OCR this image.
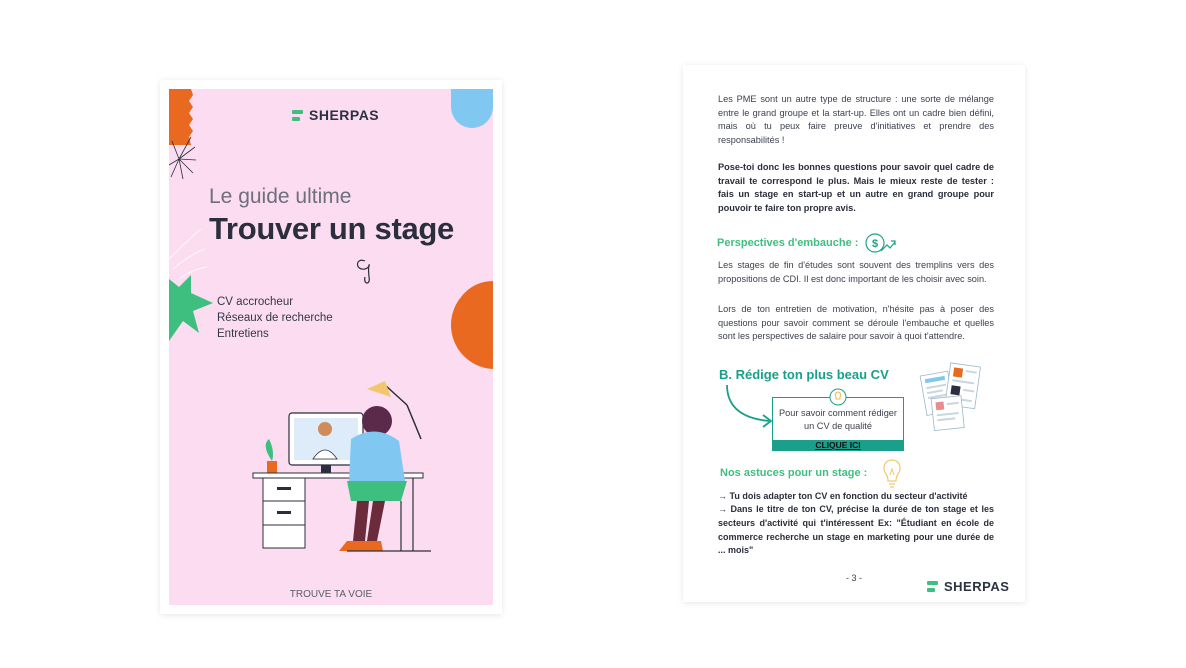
SHERPAS
Le guide ultime
Trouver un stage
CV accrocheur
Réseaux de recherche
Entretiens
TROUVE TA VOIE

Les PME sont un autre type de structure : une sorte de mélange entre le grand groupe et la start-up. Elles ont un cadre bien défini, mais où tu peux faire preuve d'initiatives et prendre des responsabilités !

Pose-toi donc les bonnes questions pour savoir quel cadre de travail te correspond le plus. Mais le mieux reste de tester : fais un stage en start-up et un autre en grand groupe pour pouvoir te faire ton propre avis.

Perspectives d'embauche : $

Les stages de fin d'études sont souvent des tremplins vers des propositions de CDI. Il est donc important de les choisir avec soin.

Lors de ton entretien de motivation, n'hésite pas à poser des questions pour savoir comment se déroule l'embauche et quelles sont les perspectives de salaire pour savoir à quoi t'attendre.

B. Rédige ton plus beau CV
Pour savoir comment rédiger un CV de qualité
CLIQUE ICI
Nos astuces pour un stage :

→ Tu dois adapter ton CV en fonction du secteur d'activité

→ Dans le titre de ton CV, précise la durée de ton stage et les secteurs d'activité qui t'intéressent Ex: "Étudiant en école de commerce recherche un stage en marketing pour une durée de ... mois"

- 3 -
SHERPAS
